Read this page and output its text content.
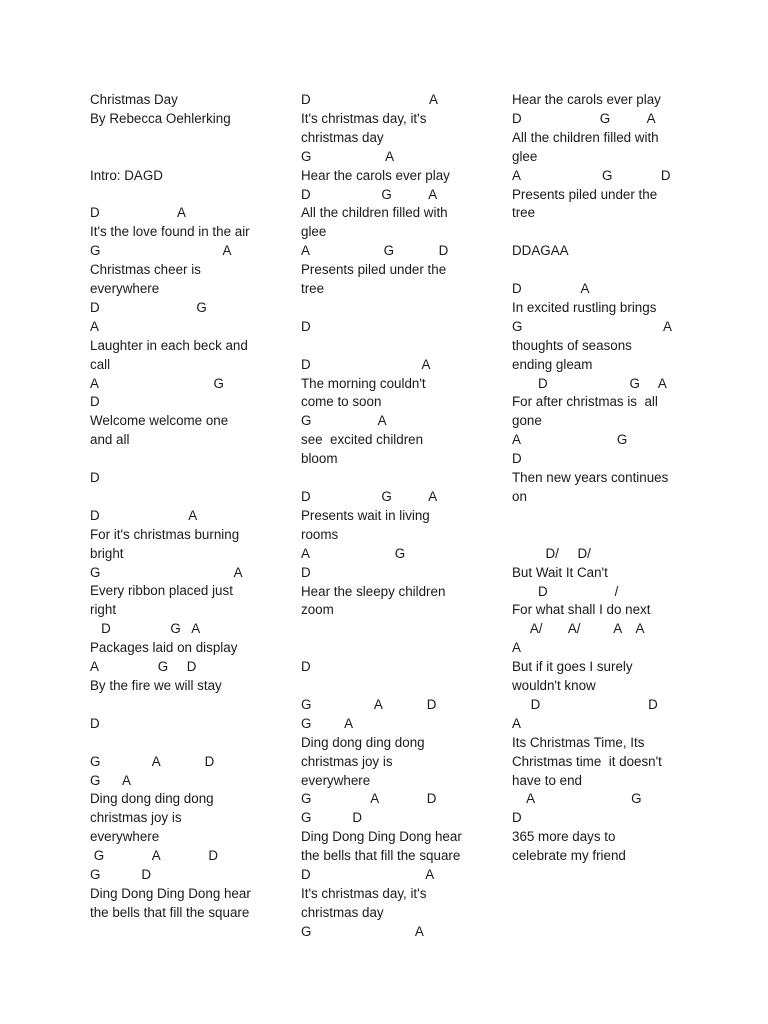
Christmas Day
By Rebecca Oehlerking
Intro: DAGD
D                     A
It's the love found in the air
G                                 A
Christmas cheer is
everywhere
D                          G
A
Laughter in each beck and
call
A                               G
D
Welcome welcome one
and all
D
D                        A
For it's christmas burning
bright
G                                    A
Every ribbon placed just
right
D                G   A
Packages laid on display
A                G     D
By the fire we will stay
D
G              A            D
G      A
Ding dong ding dong
christmas joy is
everywhere
G             A             D
G           D
Ding Dong Ding Dong hear
the bells that fill the square
D                                A
It's christmas day, it's
christmas day
G                    A
Hear the carols ever play
D                   G          A
All the children filled with
glee
A                    G            D
Presents piled under the
tree
D
D                              A
The morning couldn't
come to soon
G                  A
see  excited children
bloom
D                   G          A
Presents wait in living
rooms
A                       G
D
Hear the sleepy children
zoom
D
G                 A            D
G         A
Ding dong ding dong
christmas joy is
everywhere
G                A             D
G           D
Ding Dong Ding Dong hear
the bells that fill the square
D                               A
It's christmas day, it's
christmas day
G                            A
Hear the carols ever play
D                     G          A
All the children filled with
glee
A                      G             D
Presents piled under the
tree
DDAGAA
D                A
In excited rustling brings
G                                      A
thoughts of seasons
ending gleam
D                      G     A
For after christmas is  all
gone
A                          G
D
Then new years continues
on
D/     D/
But Wait It Can't
D                  /
For what shall I do next
A/       A/         A    A
A
But if it goes I surely
wouldn't know
D                             D
A
Its Christmas Time, Its
Christmas time  it doesn't
have to end
A                          G
D
365 more days to
celebrate my friend
